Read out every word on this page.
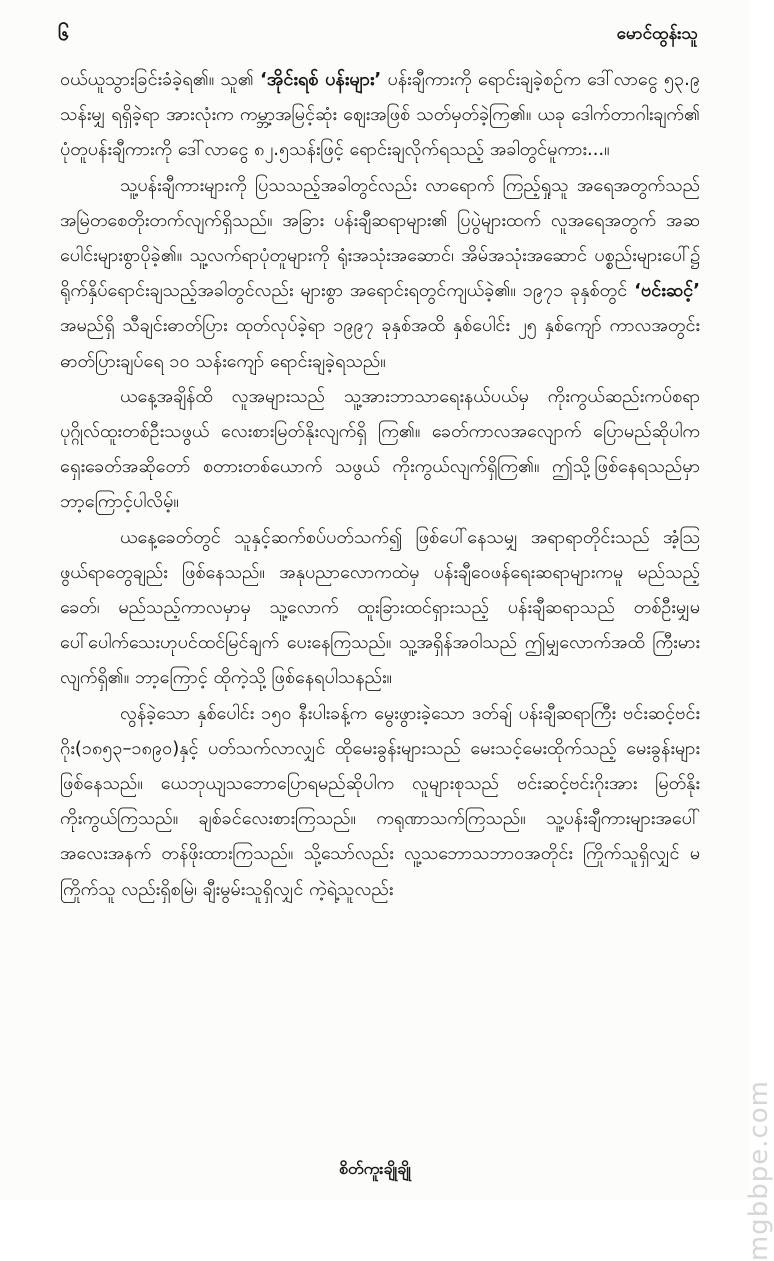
၆	မောင်ထွန်းသူ

ဝယ်ယူသွားခြင်းခံခဲ့ရ၏။ သူ၏ ‘အိုင်းရစ် ပန်းများ’ ပန်းချီကားကို ရောင်းချခဲ့စဉ်က ဒေါ်လာငွေ ၅၃.၉ သန်းမျှ ရရှိခဲ့ရာ အားလုံးက ကမ္ဘာ့အမြင့်ဆုံး ဈေးအဖြစ် သတ်မှတ်ခဲ့ကြ၏။ ယခု ဒေါက်တာဂါးချက်၏ ပုံတူပန်းချီကားကို ဒေါ်လာငွေ ၈၂.၅သန်းဖြင့် ရောင်းချလိုက်ရသည့် အခါတွင်မူကား...။

သူ့ပန်းချီကားများကို ပြသသည့်အခါတွင်လည်း လာရောက် ကြည့်ရှုသူ အရေအတွက်သည် အမြဲတစေတိုးတက်လျက်ရှိသည်။ အခြား ပန်းချီဆရာများ၏ ပြပွဲများထက် လူအရေအတွက် အဆပေါင်းများစွာပိုခဲ့၏။ သူ့လက်ရာပုံတူများကို ရုံးအသုံးအဆောင်၊ အိမ်အသုံးအဆောင် ပစ္စည်းများပေါ်၌ ရိုက်နှိပ်ရောင်းချသည့်အခါတွင်လည်း များစွာ အရောင်းရတွင်ကျယ်ခဲ့၏။ ၁၉၇၁ ခုနှစ်တွင် ‘ဗင်းဆင့်’ အမည်ရှိ သီချင်းဓာတ်ပြား ထုတ်လုပ်ခဲ့ရာ ၁၉၉၇ ခုနှစ်အထိ နှစ်ပေါင်း ၂၅ နှစ်ကျော် ကာလအတွင်း ဓာတ်ပြားချပ်ရေ ၁၀ သန်းကျော် ရောင်းချခဲ့ရသည်။

ယနေ့အချိန်ထိ လူအများသည် သူ့အားဘာသာရေးနယ်ပယ်မှ ကိုးကွယ်ဆည်းကပ်စရာ ပုဂ္ဂိုလ်ထူးတစ်ဦးသဖွယ် လေးစားမြတ်နိုးလျက်ရှိ ကြ၏။ ခေတ်ကာလအလျောက် ပြောမည်ဆိုပါက ရှေးခေတ်အဆိုတော် စတားတစ်ယောက် သဖွယ် ကိုးကွယ်လျက်ရှိကြ၏။ ဤသို့ဖြစ်နေရသည်မှာ ဘာ့ကြောင့်ပါလိမ့်။

ယနေ့ခေတ်တွင် သူနှင့်ဆက်စပ်ပတ်သက်၍ ဖြစ်ပေါ်နေသမျှ အရာရာတိုင်းသည် အံ့သြဖွယ်ရာတွေချည်း ဖြစ်နေသည်။ အနုပညာလောကထဲမှ ပန်းချီဝေဖန်ရေးဆရာများကမူ မည်သည့်ခေတ်၊ မည်သည့်ကာလမှာမှ သူ့လောက် ထူးခြားထင်ရှားသည့် ပန်းချီဆရာသည် တစ်ဦးမျှမပေါ်ပေါက်သေးဟုပင်ထင်မြင်ချက် ပေးနေကြသည်။ သူ့အရှိန်အဝါသည် ဤမျှလောက်အထိ ကြီးမားလျက်ရှိ၏။ ဘာ့ကြောင့် ထိုကဲ့သို့ ဖြစ်နေရပါသနည်း။

လွန်ခဲ့သော နှစ်ပေါင်း ၁၅၀ နီးပါးခန့်က မွေးဖွားခဲ့သော ဒတ်ချ် ပန်းချီဆရာကြီး ဗင်းဆင့်ဗင်းဂိုး(၁၈၅၃–၁၈၉၀)နှင့် ပတ်သက်လာလျှင် ထိုမေးခွန်းများသည် မေးသင့်မေးထိုက်သည့် မေးခွန်းများဖြစ်နေသည်။ ယေဘုယျသဘောပြောရမည်ဆိုပါက လူများစုသည် ဗင်းဆင့်ဗင်းဂိုးအား မြတ်နိုးကိုးကွယ်ကြသည်။ ချစ်ခင်လေးစားကြသည်။ ကရုဏာသက်ကြသည်။ သူ့ပန်းချီကားများအပေါ် အလေးအနက် တန်ဖိုးထားကြသည်။ သို့သော်လည်း လူ့သဘောသဘာဝအတိုင်း ကြိုက်သူရှိလျှင် မကြိုက်သူ လည်းရှိစမြဲ၊ ချီးမွမ်းသူရှိလျှင် ကဲ့ရဲ့သူလည်း

စိတ်ကူးချိုချို	mgbbpe.com
